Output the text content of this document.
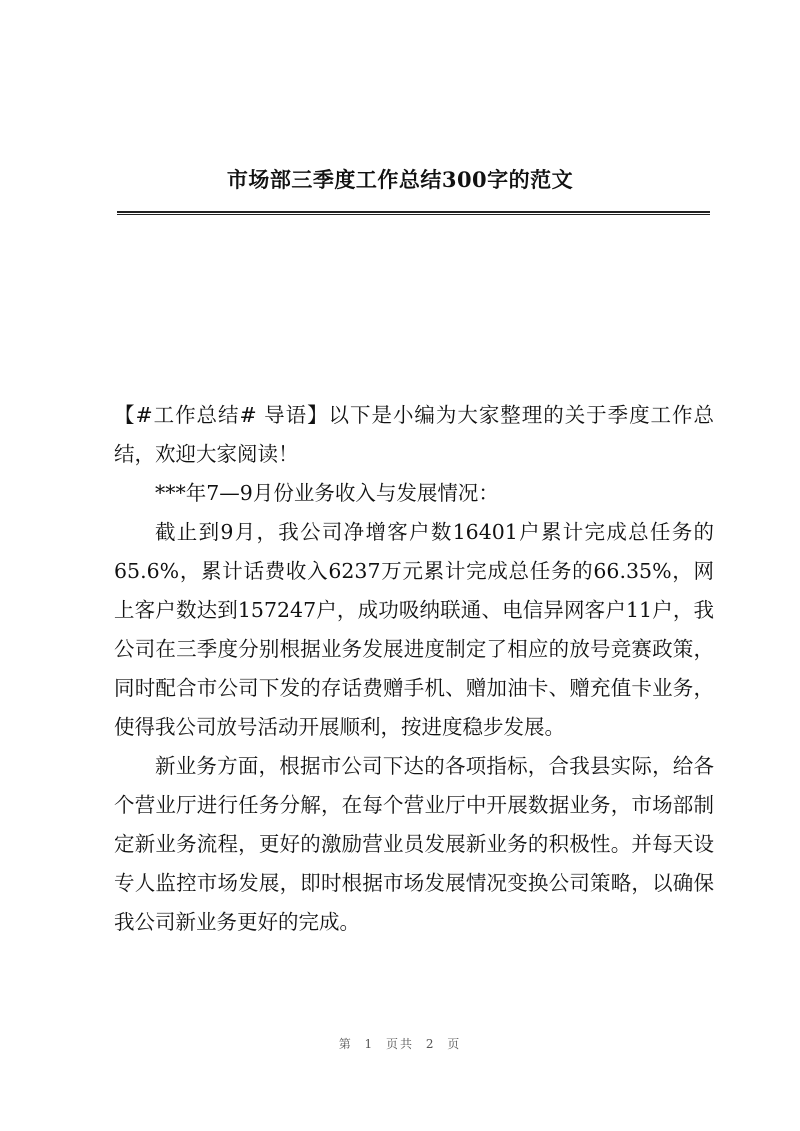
市场部三季度工作总结300字的范文

【#工作总结# 导语】以下是小编为大家整理的关于季度工作总结，欢迎大家阅读！

***年7—9月份业务收入与发展情况：

截止到9月，我公司净增客户数16401户累计完成总任务的65.6%，累计话费收入6237万元累计完成总任务的66.35%，网上客户数达到157247户，成功吸纳联通、电信异网客户11户，我公司在三季度分别根据业务发展进度制定了相应的放号竞赛政策，同时配合市公司下发的存话费赠手机、赠加油卡、赠充值卡业务，使得我公司放号活动开展顺利，按进度稳步发展。

新业务方面，根据市公司下达的各项指标，合我县实际，给各个营业厅进行任务分解，在每个营业厅中开展数据业务，市场部制定新业务流程，更好的激励营业员发展新业务的积极性。并每天设专人监控市场发展，即时根据市场发展情况变换公司策略，以确保我公司新业务更好的完成。

第 1 页共 2 页
